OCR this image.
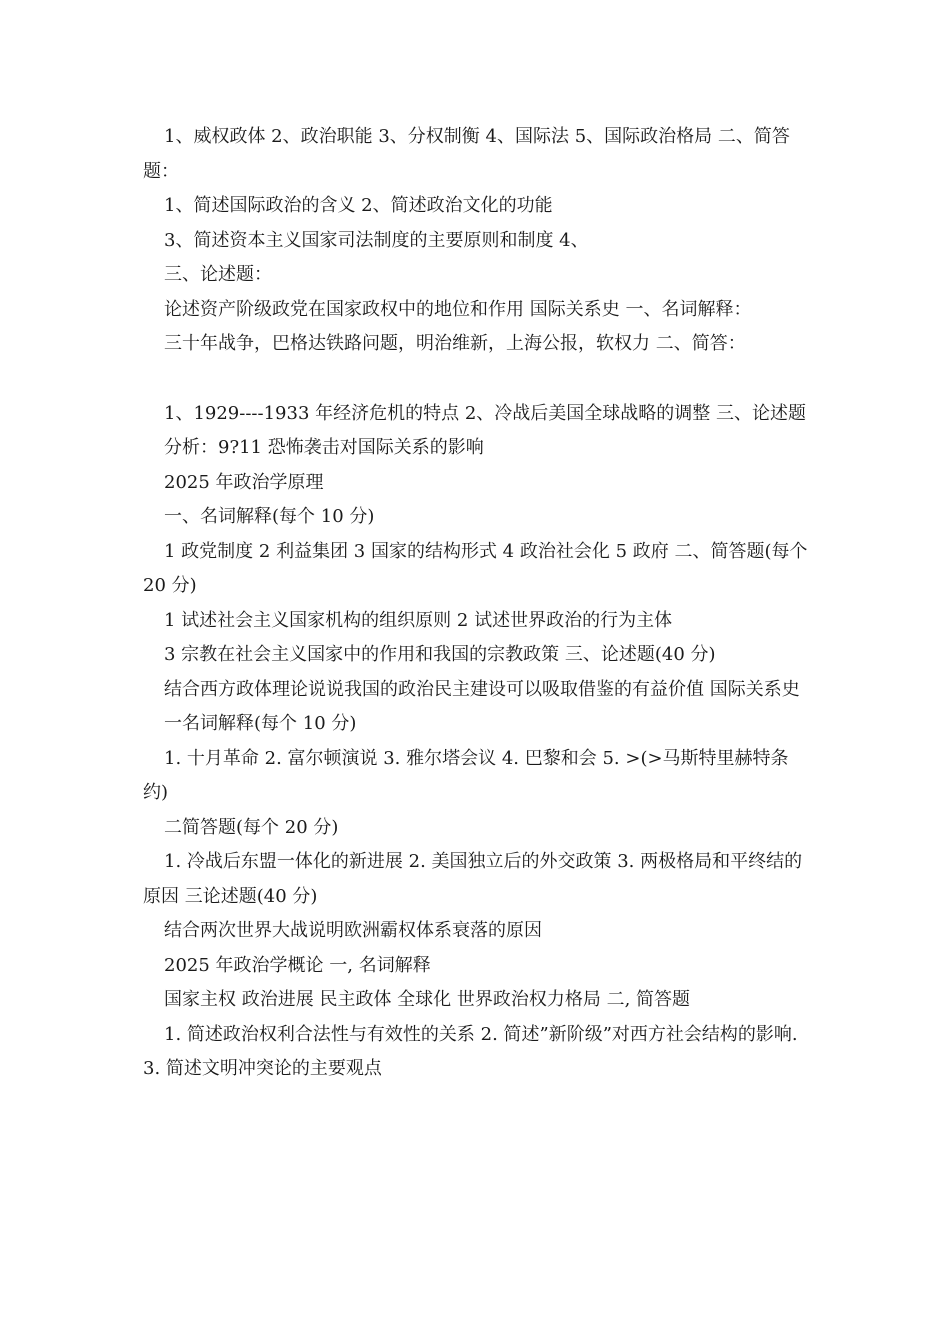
1、威权政体 2、政治职能 3、分权制衡 4、国际法 5、国际政治格局 二、简答题：

1、简述国际政治的含义 2、简述政治文化的功能

3、简述资本主义国家司法制度的主要原则和制度 4、

三、论述题：

论述资产阶级政党在国家政权中的地位和作用 国际关系史 一、名词解释：

三十年战争，巴格达铁路问题，明治维新，上海公报，软权力 二、简答：

1、1929----1933 年经济危机的特点 2、冷战后美国全球战略的调整 三、论述题

分析：9?11 恐怖袭击对国际关系的影响

2025 年政治学原理

一、名词解释(每个 10 分)

1 政党制度 2 利益集团 3 国家的结构形式 4 政治社会化 5 政府 二、简答题(每个 20 分)

1 试述社会主义国家机构的组织原则 2 试述世界政治的行为主体

3 宗教在社会主义国家中的作用和我国的宗教政策 三、论述题(40 分)

结合西方政体理论说说我国的政治民主建设可以吸取借鉴的有益价值 国际关系史

一名词解释(每个 10 分)

1. 十月革命 2. 富尔顿演说 3. 雅尔塔会议 4. 巴黎和会 5. >(>马斯特里赫特条约)

二简答题(每个 20 分)

1. 冷战后东盟一体化的新进展 2. 美国独立后的外交政策 3. 两极格局和平终结的原因 三论述题(40 分)

结合两次世界大战说明欧洲霸权体系衰落的原因

2025 年政治学概论 一, 名词解释

国家主权 政治进展 民主政体 全球化 世界政治权力格局 二, 简答题

1. 简述政治权利合法性与有效性的关系 2. 简述”新阶级”对西方社会结构的影响. 3. 简述文明冲突论的主要观点
